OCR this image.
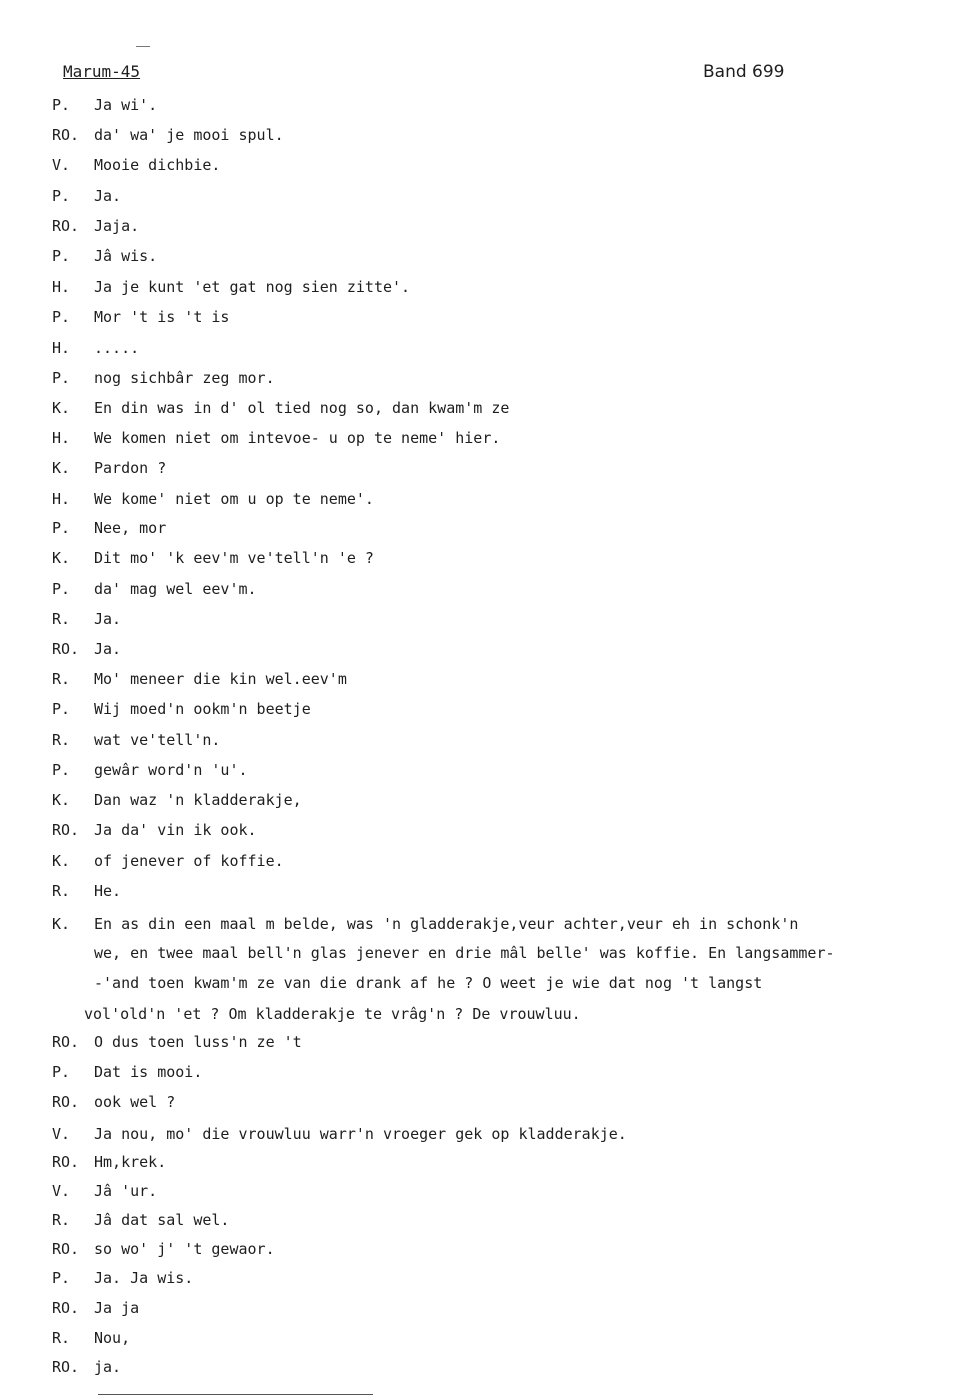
Marum-45	Band 699
P. Ja wi'.
RO. da' wa' je mooi spul.
V. Mooie dichbie.
P. Ja.
RO. Jaja.
P. Jâ wis.
H. Ja je kunt 'et gat nog sien zitte'.
P. Mor 't is 't is
H. .....
P. nog sichbâr zeg mor.
K. En din was in d' ol tied nog so, dan kwam'm ze
H. We komen niet om intevoe- u op te neme' hier.
K. Pardon ?
H. We kome' niet om u op te neme'.
P. Nee, mor
K. Dit mo' 'k eev'm ve'tell'n 'e ?
P. da' mag wel eev'm.
R. Ja.
RO. Ja.
R. Mo' meneer die kin wel.eev'm
P. Wij moed'n ookm'n beetje
R. wat ve'tell'n.
P. gewâr word'n 'u'.
K. Dan waz 'n kladderakje,
RO. Ja da' vin ik ook.
K. of jenever of koffie.
R. He.
K. En as din een maal m belde, was 'n gladderakje,veur achter,veur eh in schonk'n
RO. O dus toen luss'n ze 't
P. Dat is mooi.
RO. ook wel ?
V. Ja nou, mo' die vrouwluu warr'n vroeger gek op kladderakje.
RO. Hm,krek.
V. Jâ 'ur.
R. Jâ dat sal wel.
RO. so wo' j' 't gewaor.
P. Ja. Ja wis.
RO. Ja ja
R. Nou,
RO. ja.
we, en twee maal bell'n glas jenever en drie mâl belle' was koffie. En langsammer-
-'and toen kwam'm ze van die drank af he ? O weet je wie dat nog 't langst
vol'old'n 'et ? Om kladderakje te vrâg'n ? De vrouwluu.
